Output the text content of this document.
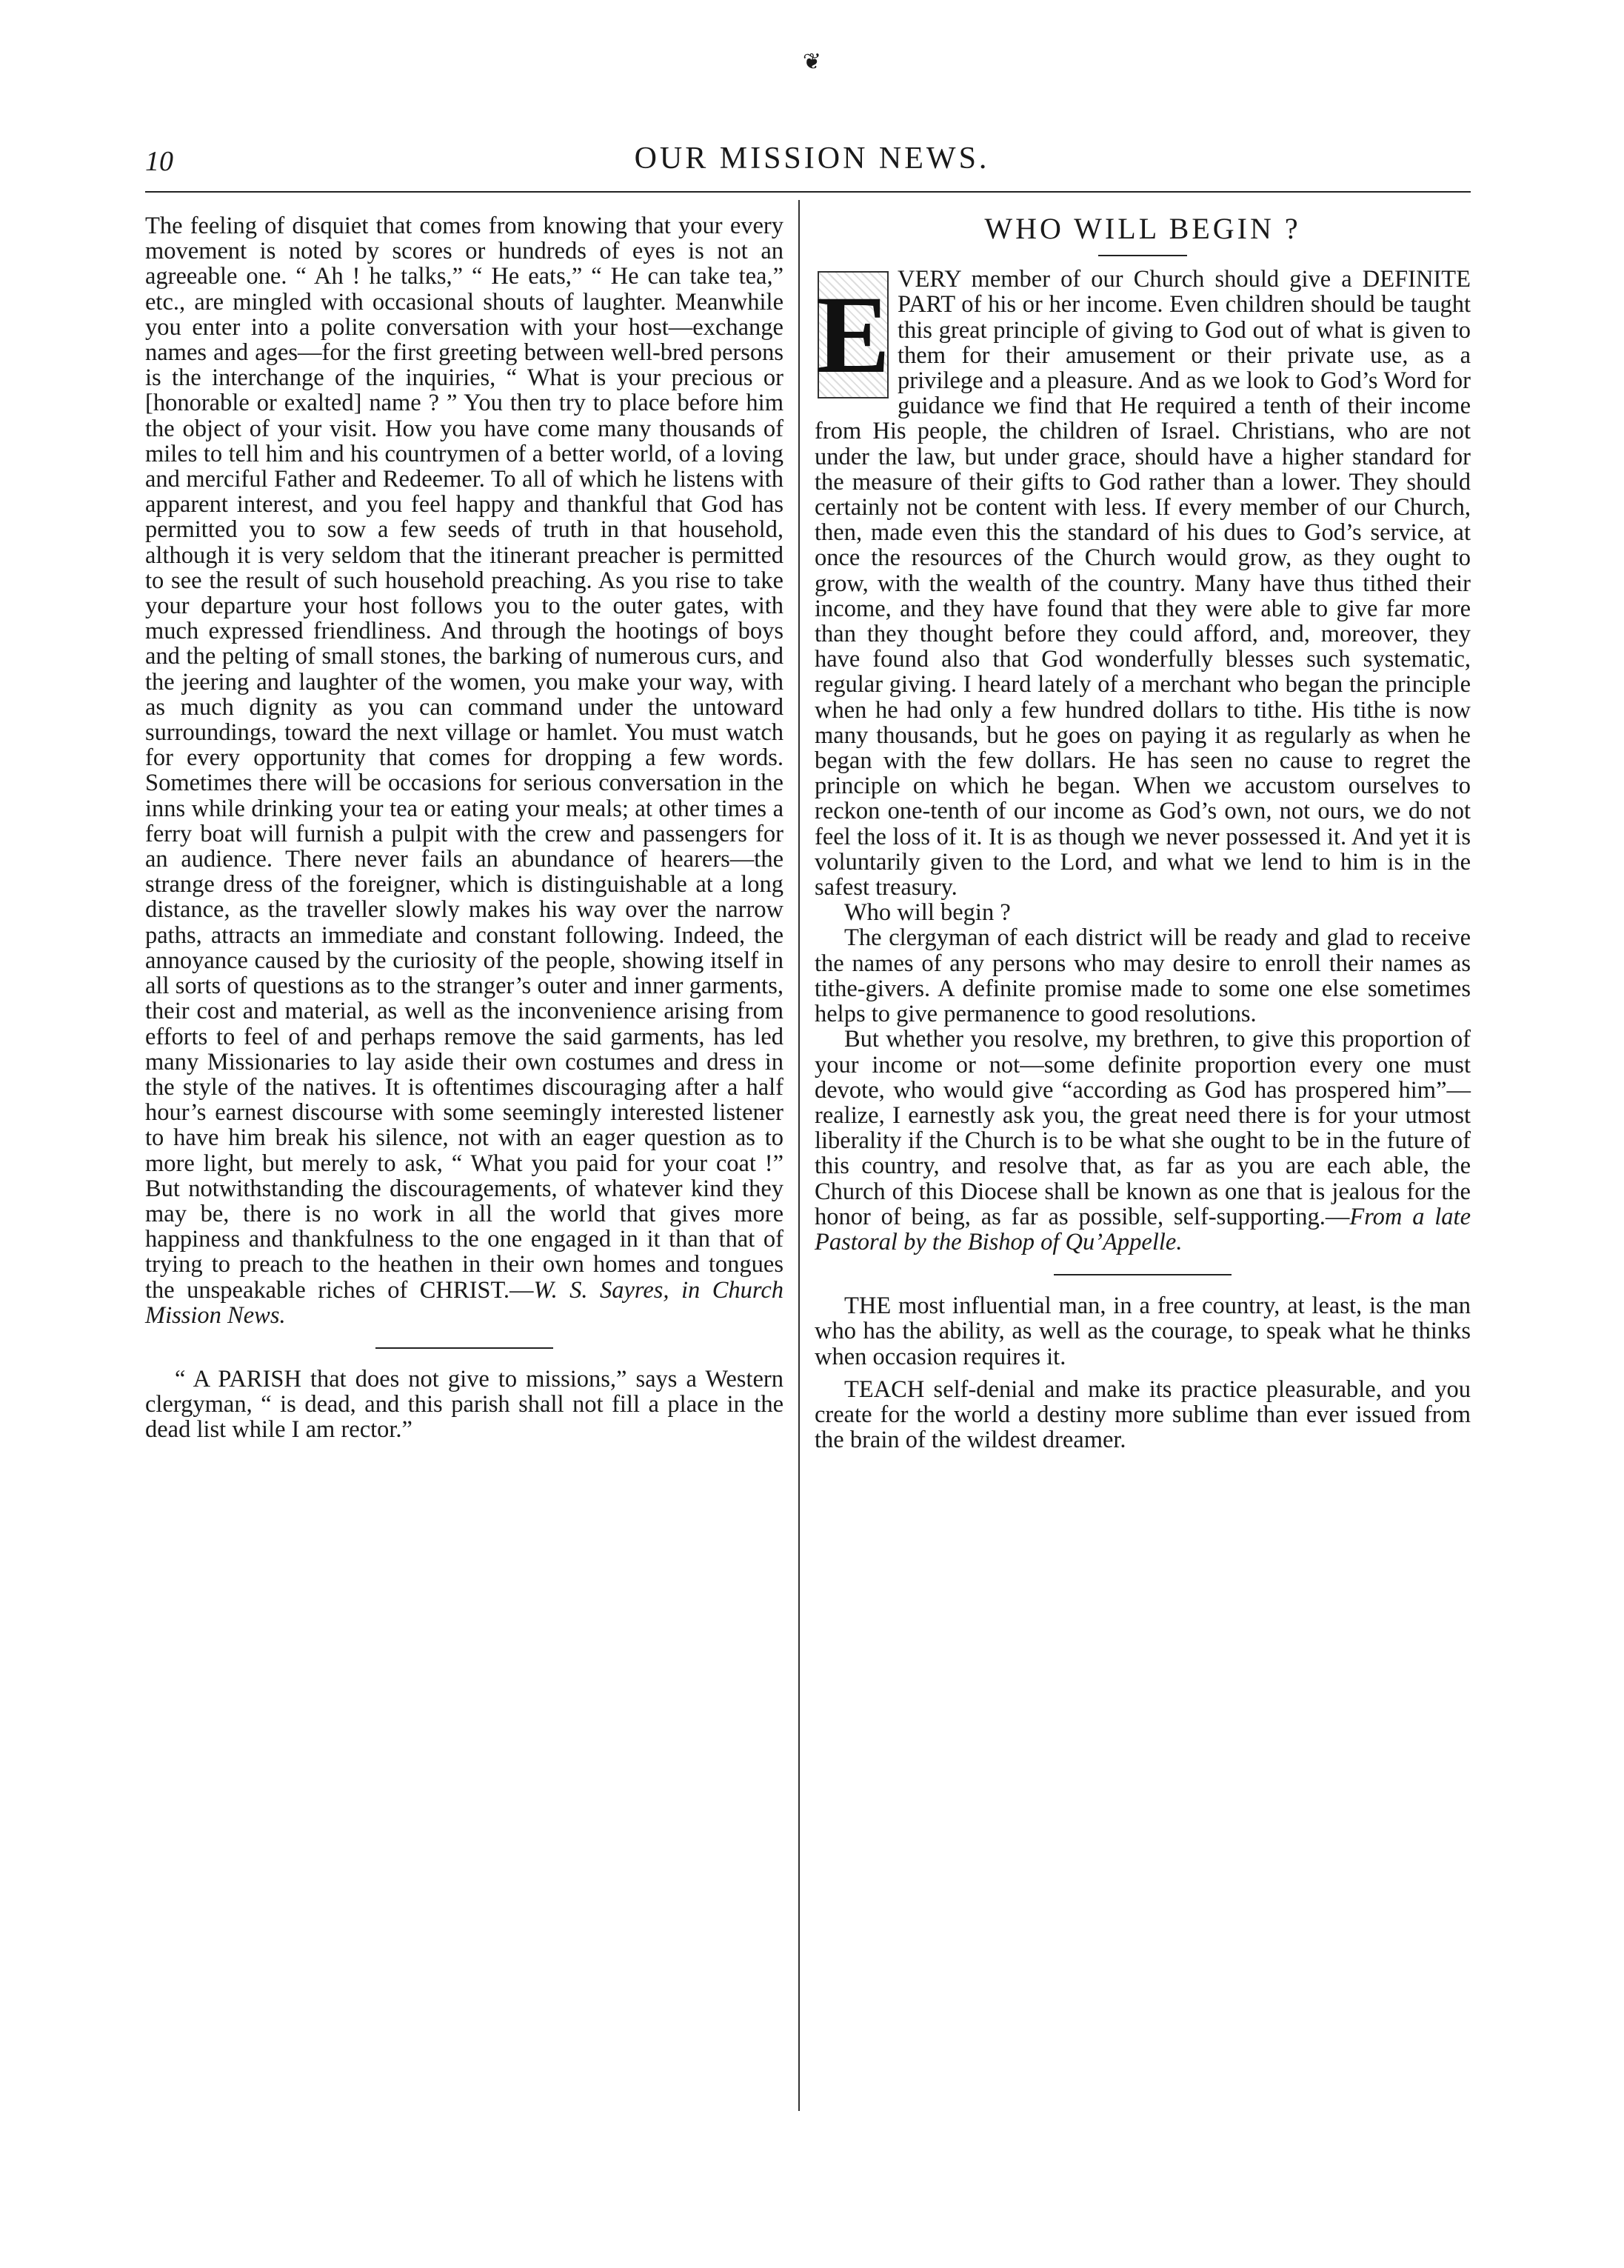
❦
10	OUR MISSION NEWS.

The feeling of disquiet that comes from knowing that your every movement is noted by scores or hundreds of eyes is not an agreeable one. “ Ah ! he talks,” “ He eats,” “ He can take tea,” etc., are mingled with occasional shouts of laughter. Meanwhile you enter into a polite conversation with your host—exchange names and ages—for the first greeting between well-bred persons is the interchange of the inquiries, “ What is your precious or [honorable or exalted] name ? ” You then try to place before him the object of your visit. How you have come many thousands of miles to tell him and his countrymen of a better world, of a loving and merciful Father and Redeemer. To all of which he listens with apparent interest, and you feel happy and thankful that God has permitted you to sow a few seeds of truth in that household, although it is very seldom that the itinerant preacher is permitted to see the result of such household preaching. As you rise to take your departure your host follows you to the outer gates, with much expressed friendliness. And through the hootings of boys and the pelting of small stones, the barking of numerous curs, and the jeering and laughter of the women, you make your way, with as much dignity as you can command under the untoward surroundings, toward the next village or hamlet. You must watch for every opportunity that comes for dropping a few words. Sometimes there will be occasions for serious conversation in the inns while drinking your tea or eating your meals; at other times a ferry boat will furnish a pulpit with the crew and passengers for an audience. There never fails an abundance of hearers—the strange dress of the foreigner, which is distinguishable at a long distance, as the traveller slowly makes his way over the narrow paths, attracts an immediate and constant following. Indeed, the annoyance caused by the curiosity of the people, showing itself in all sorts of questions as to the stranger’s outer and inner garments, their cost and material, as well as the inconvenience arising from efforts to feel of and perhaps remove the said garments, has led many Missionaries to lay aside their own costumes and dress in the style of the natives. It is oftentimes discouraging after a half hour’s earnest discourse with some seemingly interested listener to have him break his silence, not with an eager question as to more light, but merely to ask, “ What you paid for your coat !” But notwithstanding the discouragements, of whatever kind they may be, there is no work in all the world that gives more happiness and thankfulness to the one engaged in it than that of trying to preach to the heathen in their own homes and tongues the unspeakable riches of CHRIST.—W. S. Sayres, in Church Mission News.

“ A PARISH that does not give to missions,” says a Western clergyman, “ is dead, and this parish shall not fill a place in the dead list while I am rector.”

WHO WILL BEGIN ?
E VERY member of our Church should give a DEFINITE PART of his or her income. Even children should be taught this great principle of giving to God out of what is given to them for their amusement or their private use, as a privilege and a pleasure. And as we look to God’s Word for guidance we find that He required a tenth of their income from His people, the children of Israel. Christians, who are not under the law, but under grace, should have a higher standard for the measure of their gifts to God rather than a lower. They should certainly not be content with less. If every member of our Church, then, made even this the standard of his dues to God’s service, at once the resources of the Church would grow, as they ought to grow, with the wealth of the country. Many have thus tithed their income, and they have found that they were able to give far more than they thought before they could afford, and, moreover, they have found also that God wonderfully blesses such systematic, regular giving. I heard lately of a merchant who began the principle when he had only a few hundred dollars to tithe. His tithe is now many thousands, but he goes on paying it as regularly as when he began with the few dollars. He has seen no cause to regret the principle on which he began. When we accustom ourselves to reckon one-tenth of our income as God’s own, not ours, we do not feel the loss of it. It is as though we never possessed it. And yet it is voluntarily given to the Lord, and what we lend to him is in the safest treasury.

Who will begin ?

The clergyman of each district will be ready and glad to receive the names of any persons who may desire to enroll their names as tithe-givers. A definite promise made to some one else sometimes helps to give permanence to good resolutions.

But whether you resolve, my brethren, to give this proportion of your income or not—some definite proportion every one must devote, who would give “according as God has prospered him”—realize, I earnestly ask you, the great need there is for your utmost liberality if the Church is to be what she ought to be in the future of this country, and resolve that, as far as you are each able, the Church of this Diocese shall be known as one that is jealous for the honor of being, as far as possible, self-supporting.—From a late Pastoral by the Bishop of Qu’Appelle.

THE most influential man, in a free country, at least, is the man who has the ability, as well as the courage, to speak what he thinks when occasion requires it.

TEACH self-denial and make its practice pleasurable, and you create for the world a destiny more sublime than ever issued from the brain of the wildest dreamer.
